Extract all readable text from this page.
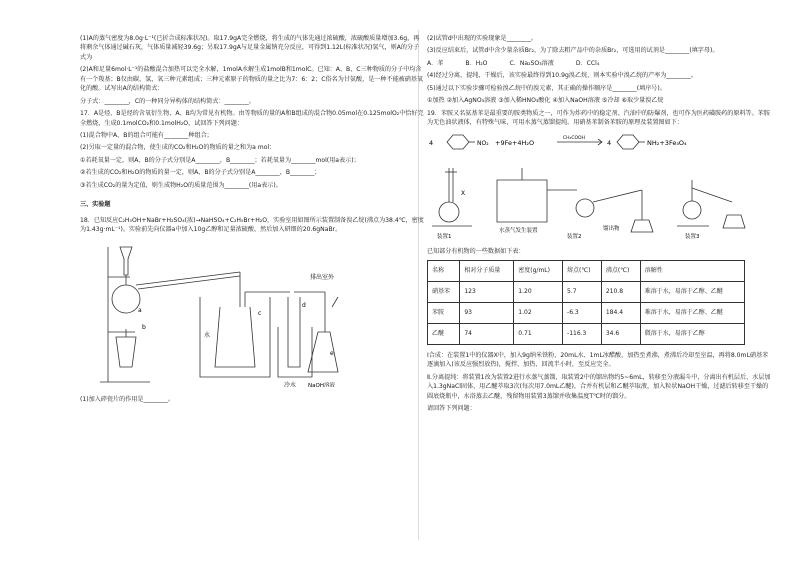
(1)A的蒸气密度为8.0g·L⁻¹(已折合成标准状况)。取17.9gA完全燃烧，将生成的气体先通过浓硫酸，浓硫酸质量增加3.6g，再将剩余气体通过碱石灰，气体质量减轻39.6g；另取17.9gA与足量金属钠充分反应，可得到1.12L(标准状况)氢气，则A的分子式为

(2)A和足量6mol·L⁻¹的盐酸混合加热可以完全水解，1molA水解生成1molB和1molC。已知：A、B、C三种物质的分子中均含有一个羧基；B仅由碳、氢、氧三种元素组成；三种元素原子的物质的量之比为7：6：2；C俗名为甘氨酸，是一种不能被硝基氧化的酸。试写出A的结构简式：

分子式：________，C的一种同分异构体的结构简式：________。

17．A是烃，B是烃的含氧衍生物，A、B均为常见有机物。由等物质的量的A和B组成的混合物0.05mol在0.125molO₂中恰好完全燃烧，生成0.1molCO₂和0.1molH₂O，试回答下列问题：

(1)混合物中A、B的组合可能有________种组合；

(2)另取一定量的混合物，使生成的CO₂和H₂O的物质的量之和为a mol：

①若耗氧量一定，则A、B的分子式分别是A________，B________；若耗氧量为________mol(用a表示)；

②若生成的CO₂和H₂O的物质的量一定，则A、B的分子式分别是A________，B________；

③若生成CO₂的量为定值，则生成物H₂O的质量范围为________(用a表示)。

三、实验题

18．已知反应C₂H₅OH+NaBr+H₂SO₄(浓)→NaHSO₄+C₂H₅Br+H₂O，实验室用如图所示装置制备溴乙烷(沸点为38.4℃，密度为1.43g·mL⁻¹)。实验前先向仪器a中加入10g乙醇和足量浓硫酸，然后加入研细的20.6gNaBr。

a
b
c
d
e
水
冷水 NaOH溶液
排出室外

(1)加入碎瓷片的作用是________。

(2)试管d中出现的实验现象是________。

(3)反应结束后，试管d中含少量杂质Br₂，为了除去粗产品中的杂质Br₂，可选用的试剂是________(填字母)。

A．苯	B．H₂O	C．Na₂SO₃溶液	D．CCl₄

(4)经过分离、提纯、干燥后，该实验最终得到10.9g溴乙烷，则本实验中溴乙烷的产率为________。

(5)通过以下实验步骤可检验溴乙烷中的溴元素，其正确的操作顺序是________(填序号)。

①加热 ②加入AgNO₃溶液 ③加入稀HNO₃酸化 ④加入NaOH溶液 ⑤冷却 ⑥取少量溴乙烷

19．苯胺又名氨基苯是最重要的胺类物质之一，可作为炸药中的稳定剂、汽油中的防爆剂，也可作为医药磺胺药的原料等。苯胺为无色油状液体，有特殊气味，可用水蒸气蒸馏提纯。用硝基苯制备苯胺的原理及装置图如下：

4	NO₂ +9Fe+4H₂O
CH₃COOH
4	NH₂+3Fe₃O₄
X
水蒸气发生装置	馏出物
装置1	装置2	装置3

已知部分有机物的一些数据如下表：

名称	相对分子质量	密度(g/mL)	熔点(℃)	沸点(℃)	溶解性
硝基苯	123	1.20	5.7	210.8	难溶于水，易溶于乙醇、乙醚
苯胺	93	1.02	-6.3	184.4	难溶于水，易溶于乙醇、乙醚
乙醚	74	0.71	-116.3	34.6	微溶于水，易溶于乙醇

Ⅰ合成：在装置1中的仪器X中，加入9g纳米铁粉、20mL水、1mL冰醋酸，加热至煮沸，煮沸后冷却至室温，再将8.0mL硝基苯逐滴加入(该反应强烈放热)，搅拌、加热、回流半小时，至反应完全。

Ⅱ.分离提纯：将装置1改为装置2进行水蒸气蒸馏，取装置2中的馏出物约5~6mL，转移至分液漏斗中，分离出有机层后，水层加入1.3gNaCl固体，用乙醚萃取3次(每次用7.0mL乙醚)，合并有机层和乙醚萃取液，加入粒状NaOH干燥，过滤后转移至干燥的圆底烧瓶中，水浴蒸去乙醚，残留物用装置3蒸馏并收集温度T℃时的馏分。

请回答下列问题：
